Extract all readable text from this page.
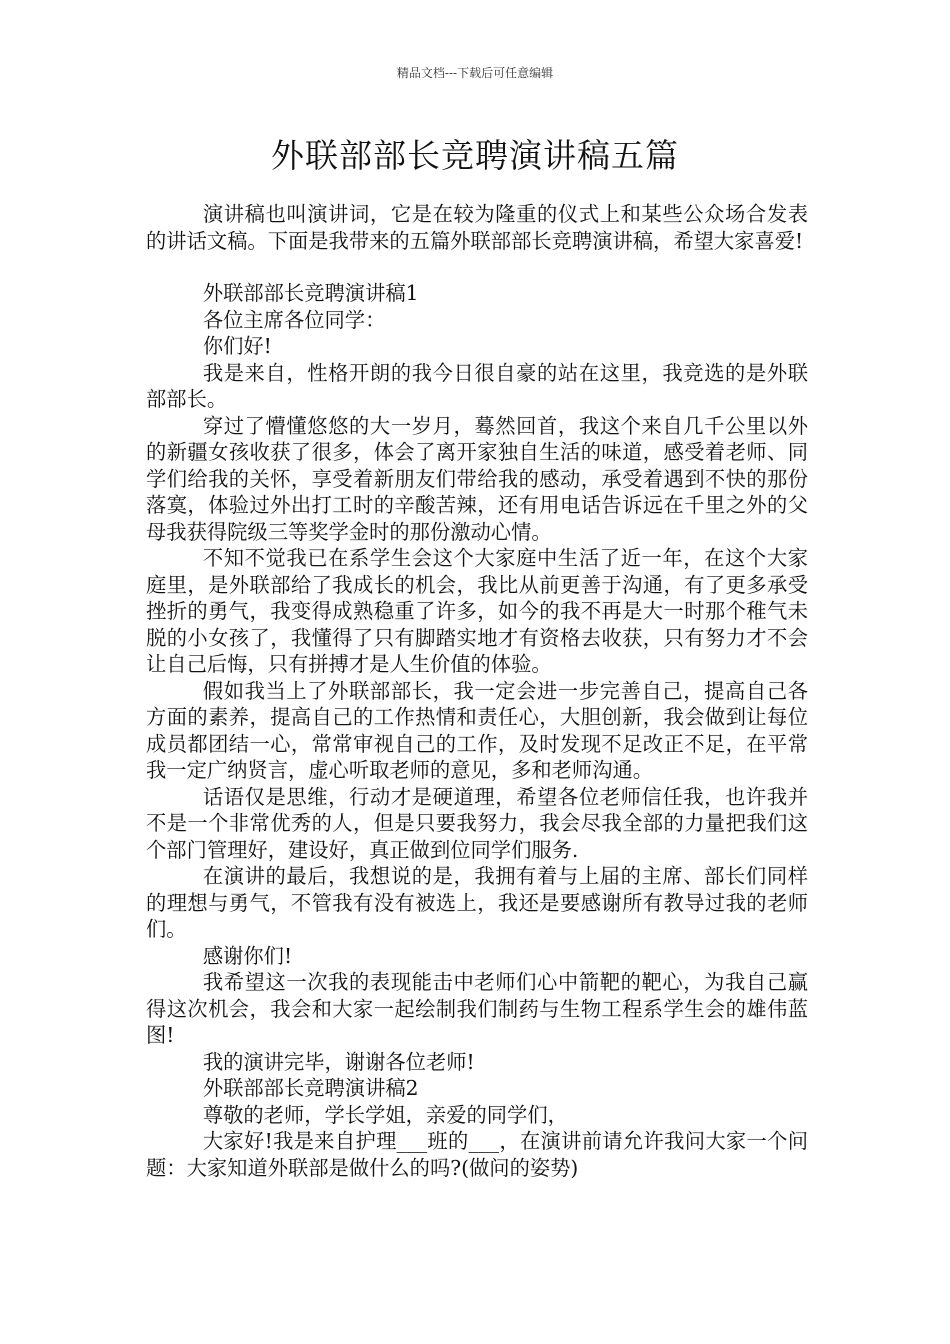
精品文档---下载后可任意编辑
外联部部长竞聘演讲稿五篇

演讲稿也叫演讲词，它是在较为隆重的仪式上和某些公众场合发表的讲话文稿。下面是我带来的五篇外联部部长竞聘演讲稿，希望大家喜爱!

外联部部长竞聘演讲稿1

各位主席各位同学：

你们好!

我是来自，性格开朗的我今日很自豪的站在这里，我竞选的是外联部部长。

穿过了懵懂悠悠的大一岁月，蓦然回首，我这个来自几千公里以外的新疆女孩收获了很多，体会了离开家独自生活的味道，感受着老师、同学们给我的关怀，享受着新朋友们带给我的感动，承受着遇到不快的那份落寞，体验过外出打工时的辛酸苦辣，还有用电话告诉远在千里之外的父母我获得院级三等奖学金时的那份激动心情。

不知不觉我已在系学生会这个大家庭中生活了近一年，在这个大家庭里，是外联部给了我成长的机会，我比从前更善于沟通，有了更多承受挫折的勇气，我变得成熟稳重了许多，如今的我不再是大一时那个稚气未脱的小女孩了，我懂得了只有脚踏实地才有资格去收获，只有努力才不会让自己后悔，只有拼搏才是人生价值的体验。

假如我当上了外联部部长，我一定会进一步完善自己，提高自己各方面的素养，提高自己的工作热情和责任心，大胆创新，我会做到让每位成员都团结一心，常常审视自己的工作，及时发现不足改正不足，在平常我一定广纳贤言，虚心听取老师的意见，多和老师沟通。

话语仅是思维，行动才是硬道理，希望各位老师信任我，也许我并不是一个非常优秀的人，但是只要我努力，我会尽我全部的力量把我们这个部门管理好，建设好，真正做到位同学们服务.

在演讲的最后，我想说的是，我拥有着与上届的主席、部长们同样的理想与勇气，不管我有没有被选上，我还是要感谢所有教导过我的老师们。

感谢你们!

我希望这一次我的表现能击中老师们心中箭靶的靶心，为我自己赢得这次机会，我会和大家一起绘制我们制药与生物工程系学生会的雄伟蓝图!

我的演讲完毕，谢谢各位老师!

外联部部长竞聘演讲稿2

尊敬的老师，学长学姐，亲爱的同学们，

大家好!我是来自护理___班的___，在演讲前请允许我问大家一个问题：大家知道外联部是做什么的吗?(做问的姿势)
